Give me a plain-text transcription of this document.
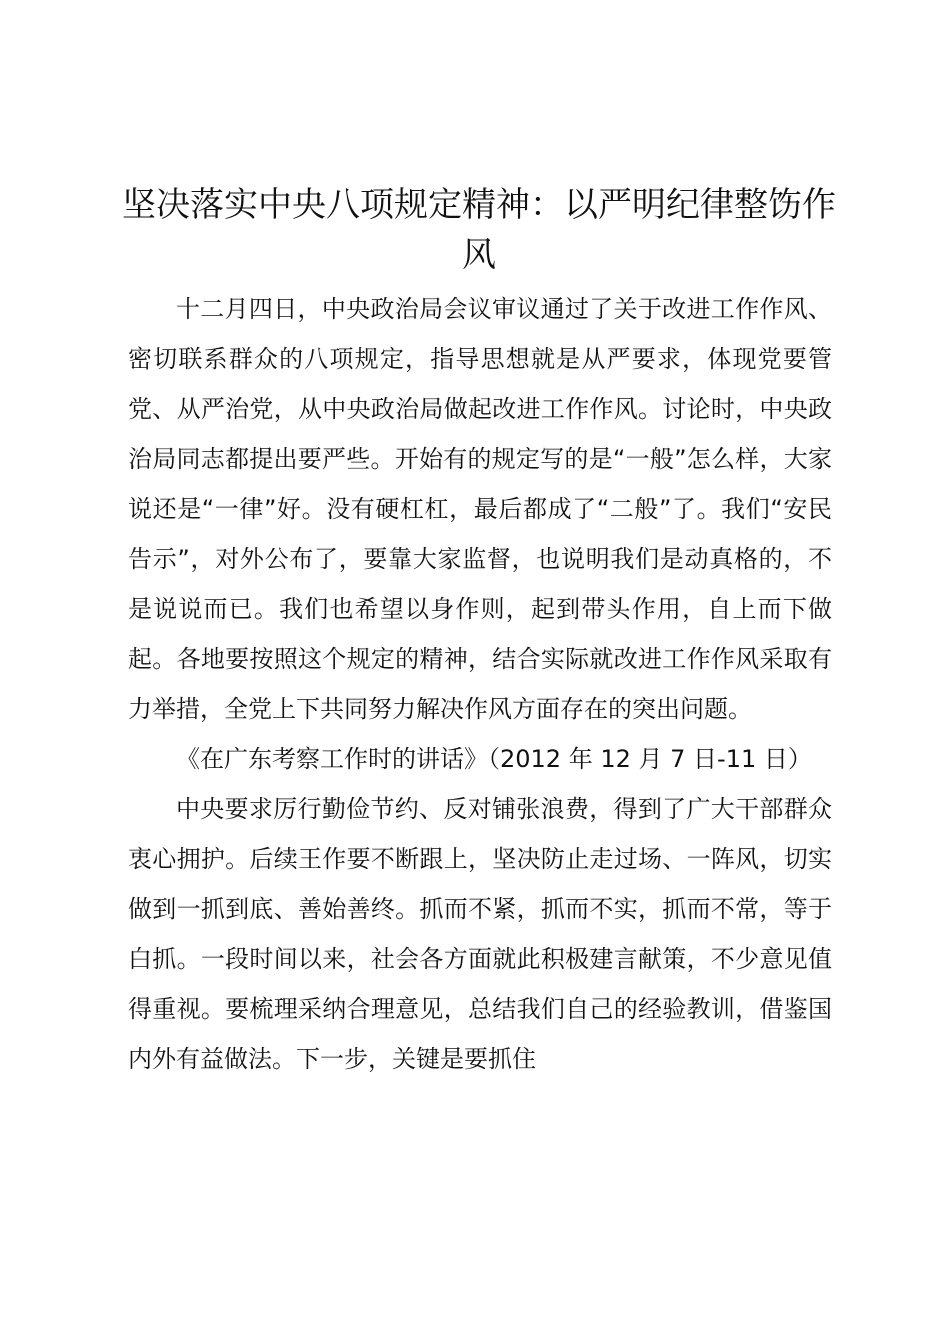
坚决落实中央八项规定精神：以严明纪律整饬作风

十二月四日，中央政治局会议审议通过了关于改进工作作风、密切联系群众的八项规定，指导思想就是从严要求，体现党要管党、从严治党，从中央政治局做起改进工作作风。讨论时，中央政治局同志都提出要严些。开始有的规定写的是“一般”怎么样，大家说还是“一律”好。没有硬杠杠，最后都成了“二般”了。我们“安民告示”，对外公布了，要靠大家监督，也说明我们是动真格的，不是说说而已。我们也希望以身作则，起到带头作用，自上而下做起。各地要按照这个规定的精神，结合实际就改进工作作风采取有力举措，全党上下共同努力解决作风方面存在的突出问题。

《在广东考察工作时的讲话》（2012 年 12 月 7 日-11 日）

中央要求厉行勤俭节约、反对铺张浪费，得到了广大干部群众衷心拥护。后续王作要不断跟上，坚决防止走过场、一阵风，切实做到一抓到底、善始善终。抓而不紧，抓而不实，抓而不常，等于白抓。一段时间以来，社会各方面就此积极建言献策，不少意见值得重视。要梳理采纳合理意见，总结我们自己的经验教训，借鉴国内外有益做法。下一步，关键是要抓住
